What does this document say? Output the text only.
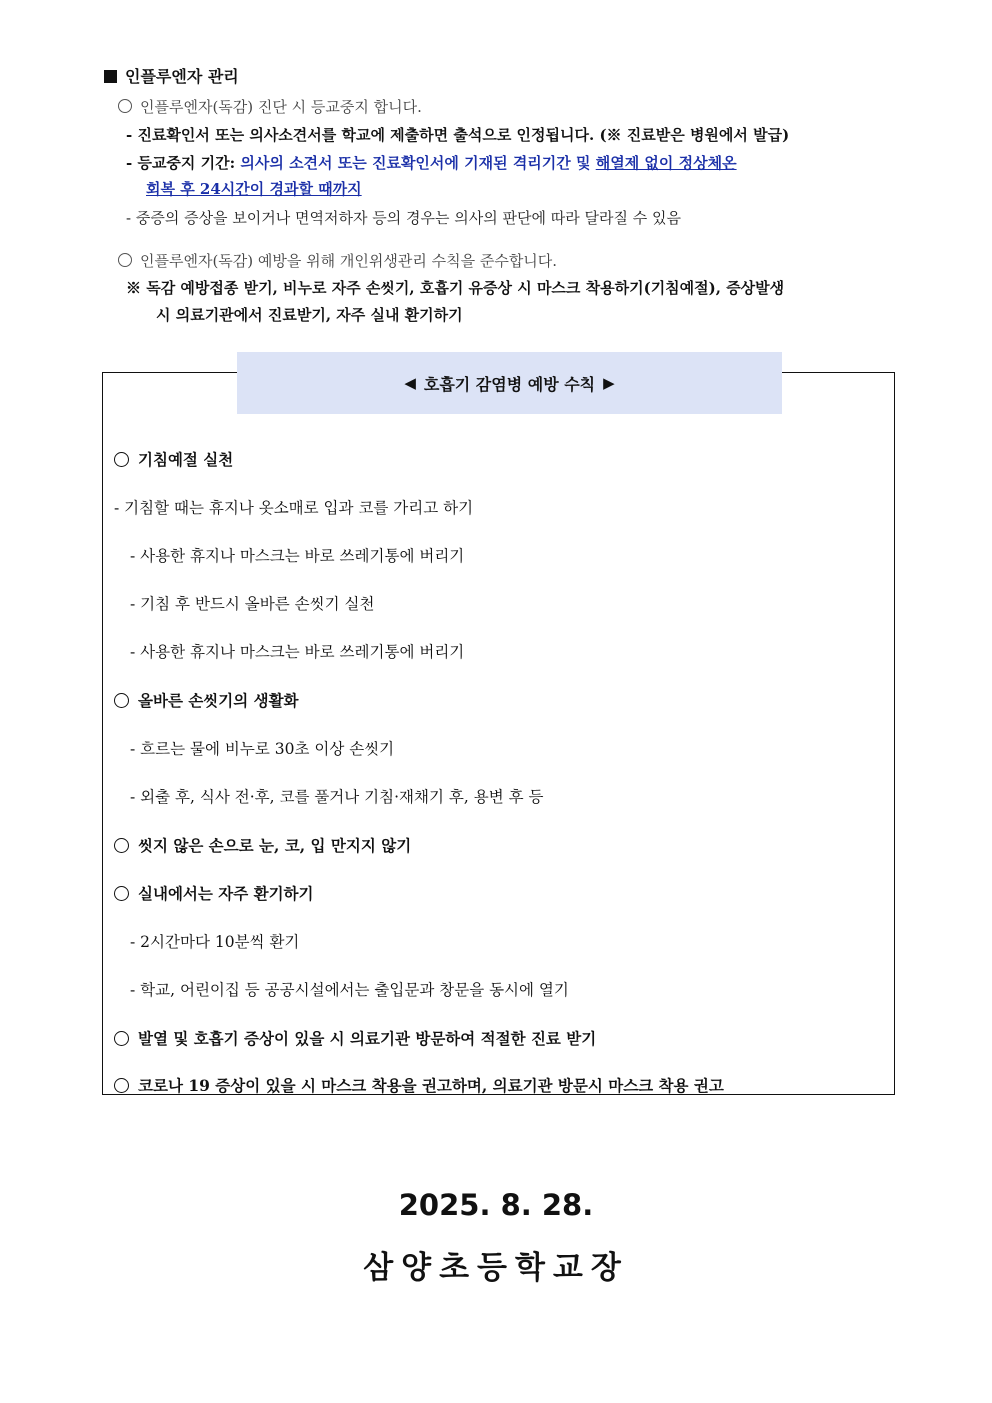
인플루엔자 관리
인플루엔자(독감) 진단 시 등교중지 합니다.
- 진료확인서 또는 의사소견서를 학교에 제출하면 출석으로 인정됩니다. (※ 진료받은 병원에서 발급)
- 등교중지 기간: 의사의 소견서 또는 진료확인서에 기재된 격리기간 및 해열제 없이 정상체온
회복 후 24시간이 경과할 때까지
- 중증의 증상을 보이거나 면역저하자 등의 경우는 의사의 판단에 따라 달라질 수 있음
인플루엔자(독감) 예방을 위해 개인위생관리 수칙을 준수합니다.
※ 독감 예방접종 받기, 비누로 자주 손씻기, 호흡기 유증상 시 마스크 착용하기(기침예절), 증상발생
시 의료기관에서 진료받기, 자주 실내 환기하기
◀ 호흡기 감염병 예방 수칙 ▶
기침예절 실천
- 기침할 때는 휴지나 옷소매로 입과 코를 가리고 하기
- 사용한 휴지나 마스크는 바로 쓰레기통에 버리기
- 기침 후 반드시 올바른 손씻기 실천
- 사용한 휴지나 마스크는 바로 쓰레기통에 버리기
올바른 손씻기의 생활화
- 흐르는 물에 비누로 30초 이상 손씻기
- 외출 후, 식사 전·후, 코를 풀거나 기침·재채기 후, 용변 후 등
씻지 않은 손으로 눈, 코, 입 만지지 않기
실내에서는 자주 환기하기
- 2시간마다 10분씩 환기
- 학교, 어린이집 등 공공시설에서는 출입문과 창문을 동시에 열기
발열 및 호흡기 증상이 있을 시 의료기관 방문하여 적절한 진료 받기
코로나 19 증상이 있을 시 마스크 착용을 권고하며, 의료기관 방문시 마스크 착용 권고
2025. 8. 28.
삼양초등학교장
